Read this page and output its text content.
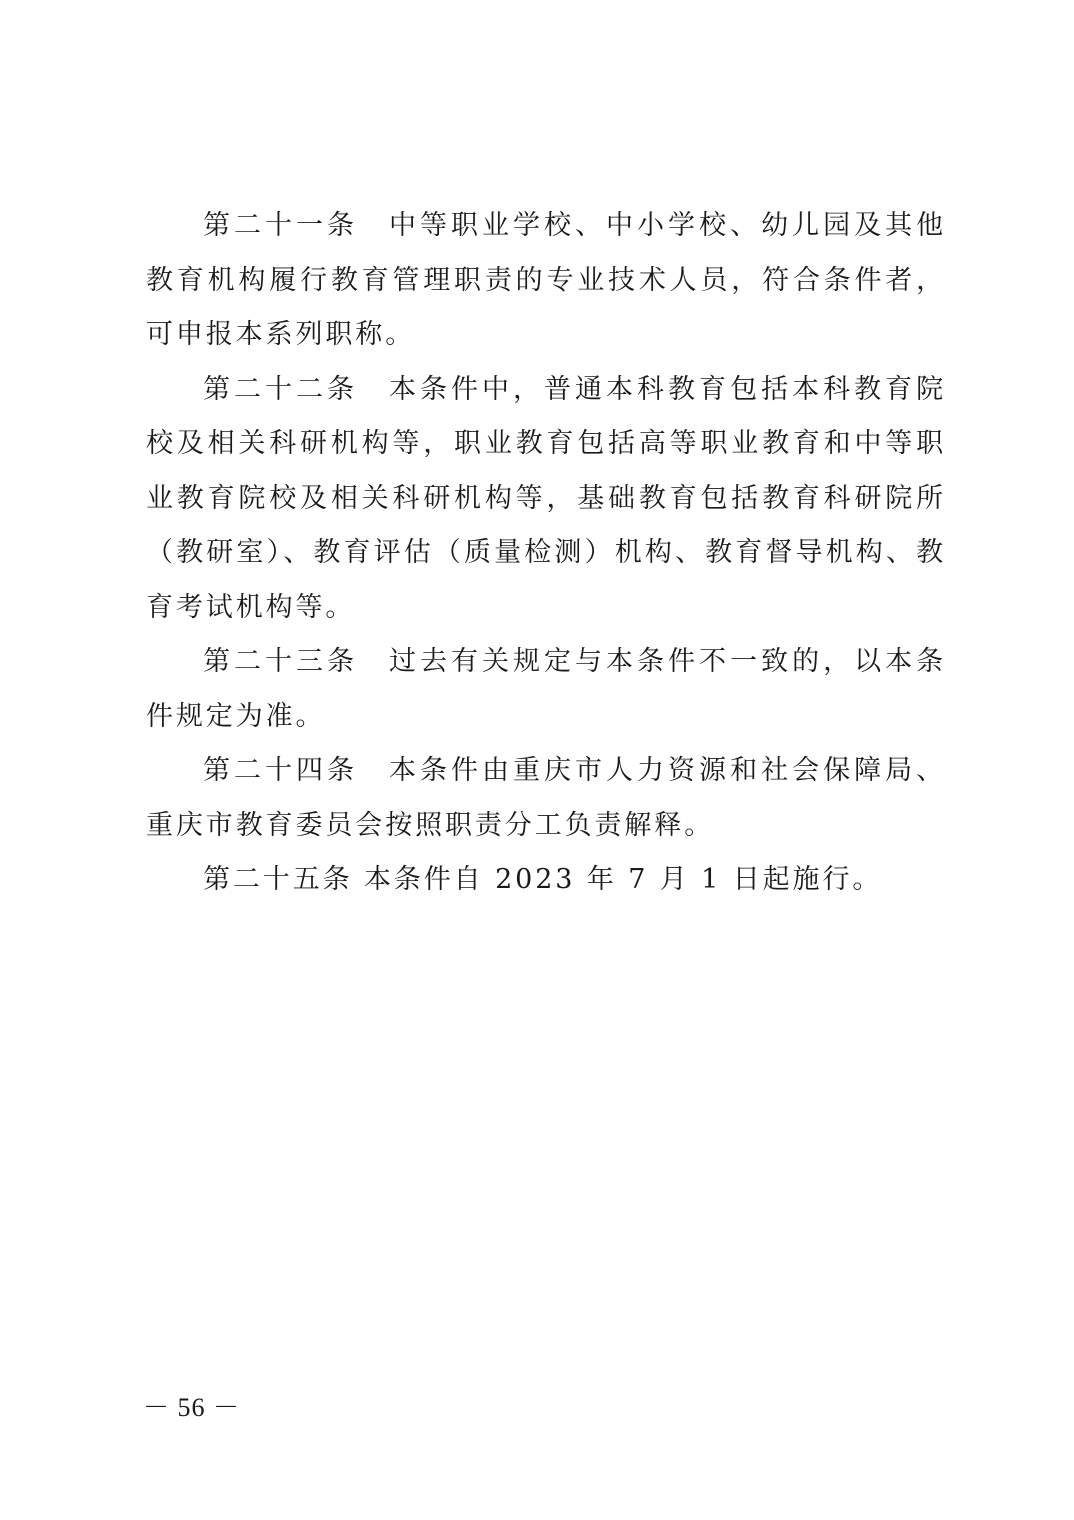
第二十一条　中等职业学校、中小学校、幼儿园及其他教育机构履行教育管理职责的专业技术人员，符合条件者，可申报本系列职称。

第二十二条　本条件中，普通本科教育包括本科教育院校及相关科研机构等，职业教育包括高等职业教育和中等职业教育院校及相关科研机构等，基础教育包括教育科研院所（教研室）、教育评估（质量检测）机构、教育督导机构、教育考试机构等。

第二十三条　过去有关规定与本条件不一致的，以本条件规定为准。

第二十四条　本条件由重庆市人力资源和社会保障局、重庆市教育委员会按照职责分工负责解释。

第二十五条 本条件自 2023 年 7 月 1 日起施行。

－ 56 －
